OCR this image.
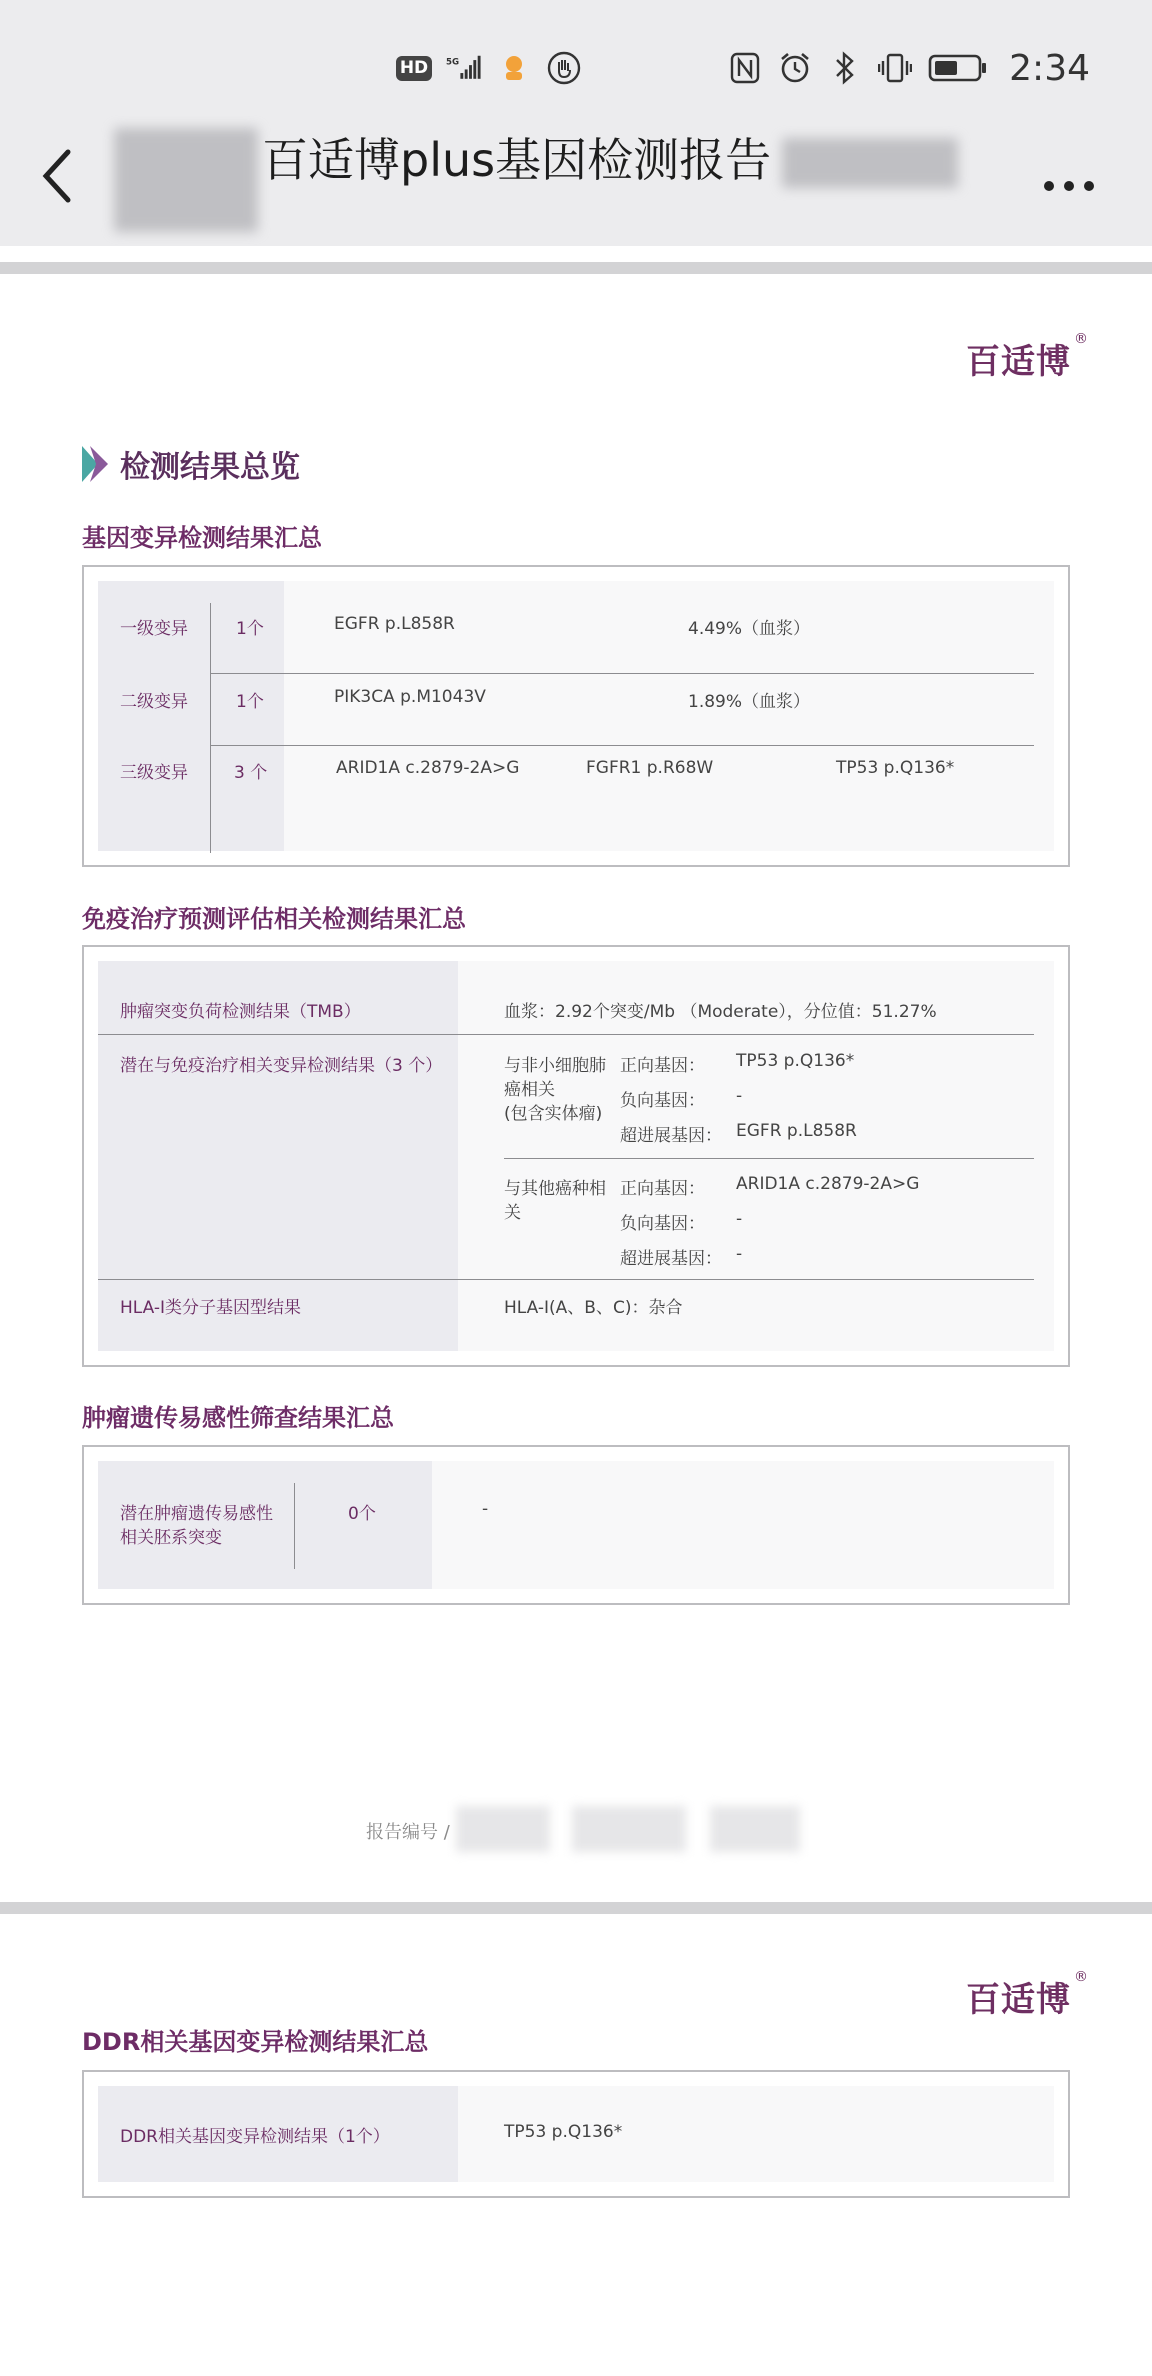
HD	5G	2:34
百适博plus基因检测报告
百适博®
检测结果总览
基因变异检测结果汇总
一级变异	1个	EGFR p.L858R	4.49%（血浆）
二级变异	1个	PIK3CA p.M1043V	1.89%（血浆）
三级变异	3 个	ARID1A c.2879-2A>G	FGFR1 p.R68W	TP53 p.Q136*
免疫治疗预测评估相关检测结果汇总
肿瘤突变负荷检测结果（TMB）	血浆：2.92个突变/Mb （Moderate），分位值：51.27%
潜在与免疫治疗相关变异检测结果（3 个）	与非小细胞肺
癌相关
(包含实体瘤)
正向基因： TP53 p.Q136*
负向基因： -
超进展基因： EGFR p.L858R
与其他癌种相
关
正向基因： ARID1A c.2879-2A>G
负向基因： -
超进展基因： -
HLA-I类分子基因型结果	HLA-I(A、B、C)：杂合
肿瘤遗传易感性筛查结果汇总
潜在肿瘤遗传易感性
相关胚系突变
0个	-
报告编号 /
百适博®
DDR相关基因变异检测结果汇总
DDR相关基因变异检测结果（1个）	TP53 p.Q136*
